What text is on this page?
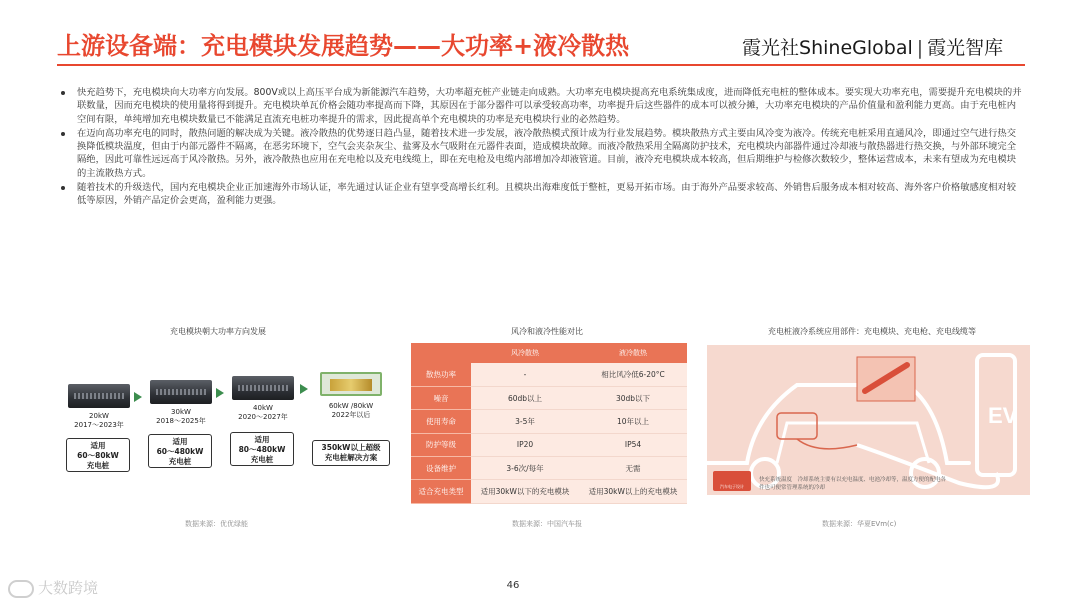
上游设备端：充电模块发展趋势——大功率+液冷散热	霞光社ShineGlobal | 霞光智库
快充趋势下，充电模块向大功率方向发展。800V或以上高压平台成为新能源汽车趋势，大功率超充桩产业链走向成熟。大功率充电模块提高充电系统集成度，进而降低充电桩的整体成本。要实现大功率充电，需要提升充电模块的并联数量，因而充电模块的使用量将得到提升。充电模块单瓦价格会随功率提高而下降，其原因在于部分器件可以承受较高功率，功率提升后这些器件的成本可以被分摊，大功率充电模块的产品价值量和盈利能力更高。由于充电桩内空间有限，单纯增加充电模块数量已不能满足直流充电桩功率提升的需求，因此提高单个充电模块的功率是充电模块行业的必然趋势。
在迈向高功率充电的同时，散热问题的解决成为关键。液冷散热的优势逐日趋凸显，随着技术进一步发展，液冷散热模式预计成为行业发展趋势。模块散热方式主要由风冷变为液冷。传统充电桩采用直通风冷，即通过空气进行热交换降低模块温度，但由于内部元器件不隔离，在恶劣环境下，空气会夹杂灰尘、盐雾及水气吸附在元器件表面，造成模块故障。而液冷散热采用全隔离防护技术，充电模块内部器件通过冷却液与散热器进行热交换，与外部环境完全隔绝，因此可靠性远远高于风冷散热。另外，液冷散热也应用在充电枪以及充电线缆上，即在充电枪及电缆内部增加冷却液管道。目前，液冷充电模块成本较高，但后期维护与检修次数较少，整体运营成本，未来有望成为充电模块的主流散热方式。
随着技术的升级迭代，国内充电模块企业正加速海外市场认证，率先通过认证企业有望享受高增长红利。且模块出海难度低于整桩，更易开拓市场。由于海外产品要求较高、外销售后服务成本相对较高、海外客户价格敏感度相对较低等原因，外销产品定价会更高，盈利能力更强。
充电模块朝大功率方向发展
20kW
2017～2023年
30kW
2018～2025年
40kW
2020～2027年
60kW /80kW
2022年以后
适用
60～80kW
充电桩
适用
60～480kW
充电桩
适用
80～480kW
充电桩
350kW以上超级
充电桩解决方案
数据来源：优优绿能
风冷和液冷性能对比
	风冷散热	液冷散热
散热功率	-	相比风冷低6-20°C
噪音	60db以上	30db以下
使用寿命	3-5年	10年以上
防护等级	IP20	IP54
设备维护	3-6次/每年	无需
适合充电类型	适用30kW以下的充电模块	适用30kW以上的充电模块
数据来源：中国汽车报
充电桩液冷系统应用部件：充电模块、充电枪、充电线缆等
EV
汽车电子设计
快充系统温度　冷却系统主要有以充电温度、电池冷却等，温度方便的配电各件也可便常管理系统的冷却
数据来源：华夏EVm(c)
46
大数跨境
